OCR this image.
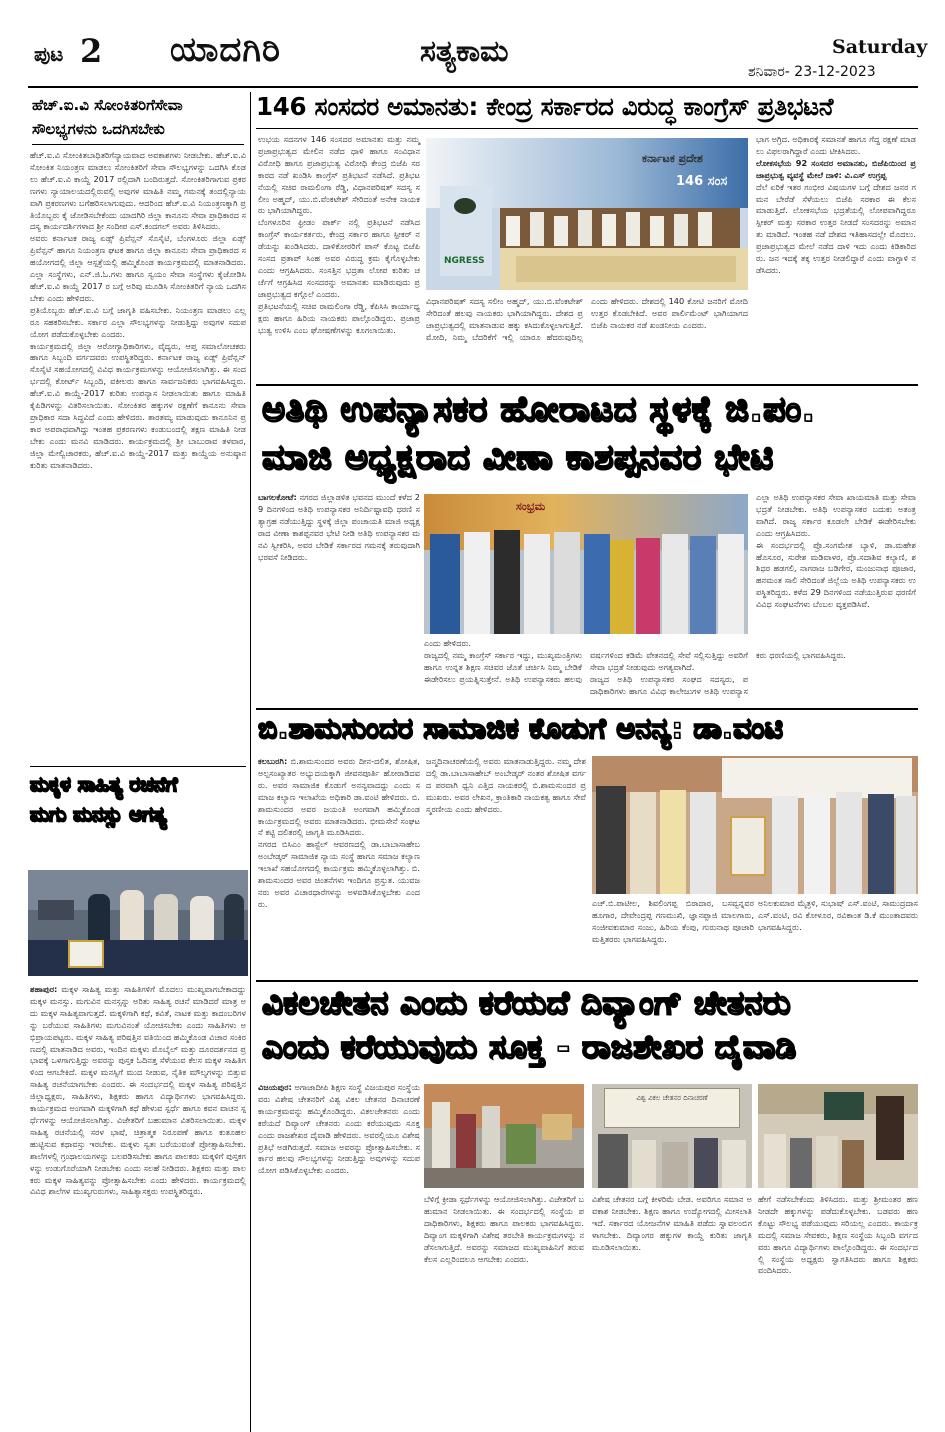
ಪುಟ 2 ಯಾದಗಿರಿ	ಸತ್ಯಕಾಮ	Saturday
ಶನಿವಾರ- 23-12-2023
ಹೆಚ್.ಐ.ವಿ ಸೋಂಕಿತರಿಗೆಸೇವಾ
ಸೌಲಭ್ಯಗಳನು ಒದಗಿಸಬೇಕು

ಹೆಚ್.ಐ.ವಿ ಸೋಂಕಿತಬಾಧಿತರಿಗೆನ್ಯಾಯವಾದ ಅವಕಾಶಗಳು ನೀಡಬೇಕು. ಹೆಚ್.ಐ.ವಿ ಸೋಂಕಿತ ನಿಯಂತ್ರಣ ಮಾಡಲು ಸೋಂಕಿತರಿಗೆ ಸೇವಾ ಸೌಲಭ್ಯಗಳನ್ನು ಒದಗಿಸಿ ಕೊಡಲು ಹೆಚ್.ಐ.ವಿ ಕಾಯ್ದೆ 2017 ರಲ್ಲಿದಾಗಿ ಬಂದಿರುತ್ತದೆ. ಸೋಂಕಿತರಿಗಾಗುವ ಪ್ರಕರಣಗಳು ನ್ಯಾಯಾಲಯದಲ್ಲಿರುವಲ್ಲಿ ಅವುಗಳ ಮಾಹಿತಿ ನಮ್ಮ ಗಮನಕ್ಕೆ ತಂದಲ್ಲಿನ್ಯಾಯವಾಗಿ ಪ್ರಕರಣಗಳು ಬಗೆಹರಿಸಲಾಗುವುದು. ಆದರಿಂದ ಹೆಚ್.ಐ.ವಿ ನಿಯಂತ್ರಣಕ್ಕಾಗಿ ಪ್ರತಿಯೊಬ್ಬರು ಕೈ ಜೋಡಿಸಬೇಕೆಂದು ಯಾದಗಿರಿ ಜಿಲ್ಲಾ ಕಾನೂನು ಸೇವಾ ಪ್ರಾಧಿಕಾರದ ಸದಸ್ಯ ಕಾರ್ಯದರ್ಶಿಗಳಾದ ಶ್ರೀ ಸಂದೀಪ ಎಸ್.ಕಂದಗಲ್ ಅವರು ತಿಳಿಸಿದರು.

ಅವರು ಕರ್ನಾಟಕ ರಾಜ್ಯ ಏಡ್ಸ್ ಪ್ರಿವೆನ್ಷನ್ ಸೊಸೈಟಿ, ಬೆಂಗಳೂರು ಜಿಲ್ಲಾ ಏಡ್ಸ್ ಪ್ರಿವೆನ್ಷನ್ ಹಾಗೂ ನಿಯಂತ್ರಣ ಘಟಕ ಹಾಗೂ ಜಿಲ್ಲಾ ಕಾನೂನು ಸೇವಾ ಪ್ರಾಧಿಕಾರದ ಸಹಯೋಗದಲ್ಲಿ ಜಿಲ್ಲಾ ಆಸ್ಪತ್ರೆಯಲ್ಲಿ ಹಮ್ಮಿಕೊಂಡ ಕಾರ್ಯಕ್ರಮದಲ್ಲಿ ಮಾತನಾಡಿದರು. ಎಲ್ಲಾ ಸಂಸ್ಥೆಗಳು, ಎನ್.ಜಿ.ಓ.ಗಳು ಹಾಗೂ ಸ್ವಯಂ ಸೇವಾ ಸಂಸ್ಥೆಗಳು ಕೈಜೋಡಿಸಿ ಹೆಚ್.ಐ.ವಿ ಕಾಯ್ದೆ 2017 ರ ಬಗ್ಗೆ ಅರಿವು ಮೂಡಿಸಿ ಸೋಂಕಿತರಿಗೆ ನ್ಯಾಯ ಒದಗಿಸಬೇಕು ಎಂದು ಹೇಳಿದರು.

ಪ್ರತಿಯೊಬ್ಬರು ಹೆಚ್.ಐ.ವಿ ಬಗ್ಗೆ ಜಾಗೃತಿ ವಹಿಸಬೇಕು. ನಿಯಂತ್ರಣ ಮಾಡಲು ಎಲ್ಲರೂ ಸಹಕರಿಸಬೇಕು. ಸರ್ಕಾರ ಎಲ್ಲಾ ಸೌಲಭ್ಯಗಳನ್ನು ನೀಡುತ್ತಿದ್ದು ಅವುಗಳ ಸದುಪಯೋಗ ಪಡೆದುಕೊಳ್ಳಬೇಕು ಎಂದರು.

ಕಾರ್ಯಕ್ರಮದಲ್ಲಿ ಜಿಲ್ಲಾ ಆರೋಗ್ಯಾಧಿಕಾರಿಗಳು, ವೈದ್ಯರು, ಆಪ್ತ ಸಮಾಲೋಚಕರು ಹಾಗೂ ಸಿಬ್ಬಂದಿ ವರ್ಗದವರು ಉಪಸ್ಥಿತರಿದ್ದರು. ಕರ್ನಾಟಕ ರಾಜ್ಯ ಏಡ್ಸ್ ಪ್ರಿವೆನ್ಷನ್ ಸೊಸೈಟಿ ಸಹಯೋಗದಲ್ಲಿ ವಿವಿಧ ಕಾರ್ಯಕ್ರಮಗಳನ್ನು ಆಯೋಜಿಸಲಾಗಿತ್ತು. ಈ ಸಂದರ್ಭದಲ್ಲಿ ಕೋರ್ಟ್ ಸಿಬ್ಬಂದಿ, ವಕೀಲರು ಹಾಗೂ ಸಾರ್ವಜನಿಕರು ಭಾಗವಹಿಸಿದ್ದರು. ಹೆಚ್.ಐ.ವಿ ಕಾಯ್ದೆ-2017 ಕುರಿತು ಉಪನ್ಯಾಸ ನೀಡಲಾಯಿತು ಹಾಗೂ ಮಾಹಿತಿ ಕೈಪಿಡಿಗಳನ್ನು ವಿತರಿಸಲಾಯಿತು. ಸೋಂಕಿತರ ಹಕ್ಕುಗಳ ರಕ್ಷಣೆಗೆ ಕಾನೂನು ಸೇವಾ ಪ್ರಾಧಿಕಾರ ಸದಾ ಸಿದ್ಧವಿದೆ ಎಂದು ಹೇಳಿದರು. ತಾರತಮ್ಯ ಮಾಡುವುದು ಕಾನೂನಿನ ಪ್ರಕಾರ ಅಪರಾಧವಾಗಿದ್ದು ಇಂತಹ ಪ್ರಕರಣಗಳು ಕಂಡುಬಂದಲ್ಲಿ ತಕ್ಷಣ ಮಾಹಿತಿ ನೀಡಬೇಕು ಎಂದು ಮನವಿ ಮಾಡಿದರು. ಕಾರ್ಯಕ್ರಮದಲ್ಲಿ ಶ್ರೀ ಬಾಬುರಾವ ತಳವಾರ, ಜಿಲ್ಲಾ ಮೇಲ್ವಿಚಾರಕರು, ಹೆಚ್.ಐ.ವಿ ಕಾಯ್ದೆ-2017 ಮತ್ತು ಕಾಯ್ದೆಯ ಅನುಷ್ಠಾನ ಕುರಿತು ಮಾತನಾಡಿದರು.

ಮಕ್ಕಳ ಸಾಹಿತ್ಯ ರಚನೆಗೆ
ಮಗು ಮನಸ್ಸು ಅಗತ್ಯ
ಶಹಾಪುರ: ಮಕ್ಕಳ ಸಾಹಿತ್ಯ ಮತ್ತು ಸಾಹಿತಿಗಳಿಗೆ ಮೊದಲು ಮುಖ್ಯವಾಗಬೇಕಾದದ್ದು ಮಕ್ಕಳ ಮನಸ್ಸು. ಮಗುವಿನ ಮನಸ್ಸನ್ನು ಅರಿತು ಸಾಹಿತ್ಯ ರಚನೆ ಮಾಡಿದರೆ ಮಾತ್ರ ಅದು ಮಕ್ಕಳ ಸಾಹಿತ್ಯವಾಗುತ್ತದೆ. ಮಕ್ಕಳಿಗಾಗಿ ಕಥೆ, ಕವಿತೆ, ನಾಟಕ ಮತ್ತು ಕಾದಂಬರಿಗಳನ್ನು ಬರೆಯುವ ಸಾಹಿತಿಗಳು ಮಗುವಿನಂತೆ ಯೋಚಿಸಬೇಕು ಎಂದು ಸಾಹಿತಿಗಳು ಅಭಿಪ್ರಾಯಪಟ್ಟರು. ಮಕ್ಕಳ ಸಾಹಿತ್ಯ ಪರಿಷತ್ತಿನ ವತಿಯಿಂದ ಹಮ್ಮಿಕೊಂಡ ವಿಚಾರ ಸಂಕಿರಣದಲ್ಲಿ ಮಾತನಾಡಿದ ಅವರು, ಇಂದಿನ ಮಕ್ಕಳು ಮೊಬೈಲ್ ಮತ್ತು ದೂರದರ್ಶನದ ಪ್ರಭಾವಕ್ಕೆ ಒಳಗಾಗುತ್ತಿದ್ದು ಅವರನ್ನು ಪುಸ್ತಕ ಓದಿನತ್ತ ಸೆಳೆಯುವ ಕೆಲಸ ಮಕ್ಕಳ ಸಾಹಿತಿಗಳಿಂದ ಆಗಬೇಕಿದೆ. ಮಕ್ಕಳ ಮನಸ್ಸಿಗೆ ಮುದ ನೀಡುವ, ನೈತಿಕ ಮೌಲ್ಯಗಳನ್ನು ಬಿತ್ತುವ ಸಾಹಿತ್ಯ ರಚನೆಯಾಗಬೇಕು ಎಂದರು. ಈ ಸಂದರ್ಭದಲ್ಲಿ ಮಕ್ಕಳ ಸಾಹಿತ್ಯ ಪರಿಷತ್ತಿನ ಜಿಲ್ಲಾಧ್ಯಕ್ಷರು, ಸಾಹಿತಿಗಳು, ಶಿಕ್ಷಕರು ಹಾಗೂ ವಿದ್ಯಾರ್ಥಿಗಳು ಭಾಗವಹಿಸಿದ್ದರು. ಕಾರ್ಯಕ್ರಮದ ಅಂಗವಾಗಿ ಮಕ್ಕಳಿಗಾಗಿ ಕಥೆ ಹೇಳುವ ಸ್ಪರ್ಧೆ ಹಾಗೂ ಕವನ ವಾಚನ ಸ್ಪರ್ಧೆಗಳನ್ನು ಆಯೋಜಿಸಲಾಗಿತ್ತು. ವಿಜೇತರಿಗೆ ಬಹುಮಾನ ವಿತರಿಸಲಾಯಿತು. ಮಕ್ಕಳ ಸಾಹಿತ್ಯ ರಚನೆಯಲ್ಲಿ ಸರಳ ಭಾಷೆ, ಚಿತ್ರಾತ್ಮಕ ನಿರೂಪಣೆ ಹಾಗೂ ಕುತೂಹಲ ಹುಟ್ಟಿಸುವ ಕಥಾವಸ್ತು ಇರಬೇಕು. ಮಕ್ಕಳು ಸ್ವತಃ ಬರೆಯುವಂತೆ ಪ್ರೋತ್ಸಾಹಿಸಬೇಕು. ಶಾಲೆಗಳಲ್ಲಿ ಗ್ರಂಥಾಲಯಗಳನ್ನು ಬಲಪಡಿಸಬೇಕು ಹಾಗೂ ಪಾಲಕರು ಮಕ್ಕಳಿಗೆ ಪುಸ್ತಕಗಳನ್ನು ಉಡುಗೊರೆಯಾಗಿ ನೀಡಬೇಕು ಎಂದು ಸಲಹೆ ನೀಡಿದರು. ಶಿಕ್ಷಕರು ಮತ್ತು ಪಾಲಕರು ಮಕ್ಕಳ ಸಾಹಿತ್ಯವನ್ನು ಪ್ರೋತ್ಸಾಹಿಸಬೇಕು ಎಂದು ಹೇಳಿದರು. ಕಾರ್ಯಕ್ರಮದಲ್ಲಿ ವಿವಿಧ ಶಾಲೆಗಳ ಮುಖ್ಯಗುರುಗಳು, ಸಾಹಿತ್ಯಾಸಕ್ತರು ಉಪಸ್ಥಿತರಿದ್ದರು.
146 ಸಂಸದರ ಅಮಾನತು: ಕೇಂದ್ರ ಸರ್ಕಾರದ ವಿರುದ್ಧ ಕಾಂಗ್ರೆಸ್ ಪ್ರತಿಭಟನೆ

ಉಭಯ ಸದನಗಳ 146 ಸಂಸದರ ಅಮಾನತು ಮತ್ತು ನಮ್ಮ ಪ್ರಜಾಪ್ರಭುತ್ವದ ಮೇಲಿನ ನಡೆದ ಧಾಳಿ ಹಾಗೂ ಸಂವಿಧಾನ ವಿರೋಧಿ ಹಾಗೂ ಪ್ರಜಾಪ್ರಭುತ್ವ ವಿರೋಧಿ ಕೇಂದ್ರ ಬಿಜೆಪಿ ಸರಕಾರದ ನಡೆ ಖಂಡಿಸಿ ಕಾಂಗ್ರೆಸ್ ಪ್ರತಿಭಟನೆ ನಡೆಸಿದೆ. ಪ್ರತಿಭಟನೆಯಲ್ಲಿ ಸಚಿವ ರಾಮಲಿಂಗಾ ರೆಡ್ಡಿ, ವಿಧಾನಪರಿಷತ್ ಸದಸ್ಯ ಸಲೀಂ ಅಹ್ಮದ್, ಯು.ಬಿ.ವೆಂಕಟೇಶ್ ಸೇರಿದಂತೆ ಅನೇಕ ನಾಯಕರು ಭಾಗಿಯಾಗಿದ್ದರು.

ಬೆಂಗಳೂರಿನ ಫ್ರೀಡಂ ಪಾರ್ಕ್ ನಲ್ಲಿ ಪ್ರತಿಭಟನೆ ನಡೆಸಿದ ಕಾಂಗ್ರೆಸ್ ಕಾರ್ಯಕರ್ತರು, ಕೇಂದ್ರ ಸರ್ಕಾರ ಹಾಗೂ ಸ್ಪೀಕರ್ ನಡೆಯನ್ನು ಖಂಡಿಸಿದರು. ದಾಳಿಕೋರರಿಗೆ ಪಾಸ್ ಕೊಟ್ಟ ಬಿಜೆಪಿ ಸಂಸದ ಪ್ರತಾಪ್ ಸಿಂಹ ಅವರ ವಿರುದ್ಧ ಕ್ರಮ ಕೈಗೊಳ್ಳಬೇಕು ಎಂದು ಆಗ್ರಹಿಸಿದರು. ಸಂಸತ್ತಿನ ಭದ್ರತಾ ಲೋಪ ಕುರಿತು ಚರ್ಚೆಗೆ ಆಗ್ರಹಿಸಿದ ಸಂಸದರನ್ನು ಅಮಾನತು ಮಾಡಿರುವುದು ಪ್ರಜಾಪ್ರಭುತ್ವದ ಕಗ್ಗೊಲೆ ಎಂದರು.

ಪ್ರತಿಭಟನೆಯಲ್ಲಿ ಸಚಿವ ರಾಮಲಿಂಗಾ ರೆಡ್ಡಿ, ಕೆಪಿಸಿಸಿ ಕಾರ್ಯಾಧ್ಯಕ್ಷರು ಹಾಗೂ ಹಿರಿಯ ನಾಯಕರು ಪಾಲ್ಗೊಂಡಿದ್ದರು. ಪ್ರಜಾಪ್ರಭುತ್ವ ಉಳಿಸಿ ಎಂಬ ಘೋಷಣೆಗಳನ್ನು ಕೂಗಲಾಯಿತು.

ಕರ್ನಾಟಕ ಪ್ರದೇಶ
146 ಸಂಸ
NGRESS

ವಿಧಾನಪರಿಷತ್ ಸದಸ್ಯ ಸಲೀಂ ಅಹ್ಮದ್, ಯು.ಬಿ.ವೆಂಕಟೇಶ್ ಸೇರಿದಂತೆ ಹಲವು ನಾಯಕರು ಭಾಗಿಯಾಗಿದ್ದರು. ದೇಶದ ಪ್ರಜಾಪ್ರಭುತ್ವದಲ್ಲಿ ಮಾತನಾಡುವ ಹಕ್ಕು ಕಸಿದುಕೊಳ್ಳಲಾಗುತ್ತಿದೆ. ಮೋದಿ, ನಿಮ್ಮ ಬೆದರಿಕೆಗೆ ಇಲ್ಲಿ ಯಾರೂ ಹೆದರುವುದಿಲ್ಲ ಎಂದು ಹೇಳಿದರು. ದೇಶದಲ್ಲಿ 140 ಕೋಟಿ ಜನರಿಗೆ ಮೋದಿ ಉತ್ತರ ಕೊಡಬೇಕಿದೆ. ಅವರ ಪಾರ್ಲಿಮೆಂಟ್ ಭಾಗಿಯಾಗದ ಬಿಜೆಪಿ ನಾಯಕರ ನಡೆ ಖಂಡನೀಯ ಎಂದರು.

ಭಾಗ ಅಗ್ರಿದ. ಅಧಿಕಾರಕ್ಕೆ ಸಮಾನತೆ ಹಾಗೂ ಗೆದ್ದ ರಕ್ಷಣೆ ಮಾಡಲು ವಿಫಲರಾಗಿದ್ದಾರೆ ಎಂದು ಟೀಕಿಸಿದರು.

ಲೋಕಸಭೆಯ 92 ಸಂಸದರ ಅಮಾನತು, ಬಿಜೆಪಿಯಿಂದ ಪ್ರಜಾಪ್ರಭುತ್ವ ವ್ಯವಸ್ಥೆ ಮೇಲೆ ದಾಳಿ: ವಿ.ಎಸ್ ಉಗ್ರಪ್ಪ

ದೆಲೆ ಏರಿಕೆ ಇತರ ಗಂಭೀರ ವಿಷಯಗಳ ಬಗ್ಗೆ ದೇಶದ ಜನರ ಗಮನ ಬೇರೆಡೆ ಸೆಳೆಯಲು ಬಿಜೆಪಿ ಸರಕಾರ ಈ ಕೆಲಸ ಮಾಡುತ್ತಿದೆ. ಲೋಕಸಭೆಯ ಭದ್ರತೆಯಲ್ಲಿ ಲೋಪವಾಗಿದ್ದರೂ ಸ್ಪೀಕರ್ ಮತ್ತು ಸರಕಾರ ಉತ್ತರ ನೀಡದೆ ಸಂಸದರನ್ನು ಅಮಾನತು ಮಾಡಿದೆ. ಇಂತಹ ನಡೆ ದೇಶದ ಇತಿಹಾಸದಲ್ಲೇ ಮೊದಲು. ಪ್ರಜಾಪ್ರಭುತ್ವದ ಮೇಲೆ ನಡೆದ ದಾಳಿ ಇದು ಎಂದು ಕಿಡಿಕಾರಿದರು. ಜನ ಇದಕ್ಕೆ ತಕ್ಕ ಉತ್ತರ ನೀಡಲಿದ್ದಾರೆ ಎಂದು ವಾಗ್ದಾಳಿ ನಡೆಸಿದರು.

ಅತಿಥಿ ಉಪನ್ಯಾಸಕರ ಹೋರಾಟದ ಸ್ಥಳಕ್ಕೆ ಜಿ.ಪಂ.
ಮಾಜಿ ಅಧ್ಯಕ್ಷರಾದ ವೀಣಾ ಕಾಶಪ್ಪನವರ ಭೇಟಿ
ಬಾಗಲಕೋಟೆ: ನಗರದ ಜಿಲ್ಲಾಡಳಿತ ಭವನದ ಮುಂದೆ ಕಳೆದ 29 ದಿನಗಳಿಂದ ಅತಿಥಿ ಉಪನ್ಯಾಸಕರ ಅನಿರ್ದಿಷ್ಟಾವಧಿ ಧರಣಿ ಸತ್ಯಾಗ್ರಹ ನಡೆಯುತ್ತಿದ್ದು ಸ್ಥಳಕ್ಕೆ ಜಿಲ್ಲಾ ಪಂಚಾಯತಿ ಮಾಜಿ ಅಧ್ಯಕ್ಷರಾದ ವೀಣಾ ಕಾಶಪ್ಪನವರ ಭೇಟಿ ನೀಡಿ ಅತಿಥಿ ಉಪನ್ಯಾಸಕರ ಮನವಿ ಸ್ವೀಕರಿಸಿ, ಅವರ ಬೇಡಿಕೆ ಸರ್ಕಾರದ ಗಮನಕ್ಕೆ ತರುವುದಾಗಿ ಭರವಸೆ ನೀಡಿದರು.
ಸಂಭ್ರಮ
ಎಂದು ಹೇಳಿದರು.

ರಾಜ್ಯದಲ್ಲಿ ನಮ್ಮ ಕಾಂಗ್ರೆಸ್ ಸರ್ಕಾರ ಇದ್ದು, ಮುಖ್ಯಮಂತ್ರಿಗಳು ಹಾಗೂ ಉನ್ನತ ಶಿಕ್ಷಣ ಸಚಿವರ ಜೊತೆ ಚರ್ಚಿಸಿ ನಿಮ್ಮ ಬೇಡಿಕೆ ಈಡೇರಿಸಲು ಪ್ರಯತ್ನಿಸುತ್ತೇನೆ. ಅತಿಥಿ ಉಪನ್ಯಾಸಕರು ಹಲವು ವರ್ಷಗಳಿಂದ ಕಡಿಮೆ ವೇತನದಲ್ಲಿ ಸೇವೆ ಸಲ್ಲಿಸುತ್ತಿದ್ದು ಅವರಿಗೆ ಸೇವಾ ಭದ್ರತೆ ನೀಡುವುದು ಅಗತ್ಯವಾಗಿದೆ.

ರಾಜ್ಯದ ಅತಿಥಿ ಉಪನ್ಯಾಸಕರ ಸಂಘದ ಸದಸ್ಯರು, ಪದಾಧಿಕಾರಿಗಳು ಹಾಗೂ ವಿವಿಧ ಕಾಲೇಜುಗಳ ಅತಿಥಿ ಉಪನ್ಯಾಸಕರು ಧರಣಿಯಲ್ಲಿ ಭಾಗವಹಿಸಿದ್ದರು.

ಎಲ್ಲಾ ಅತಿಥಿ ಉಪನ್ಯಾಸಕರ ಸೇವಾ ಖಾಯಮಾತಿ ಮತ್ತು ಸೇವಾ ಭದ್ರತೆ ನೀಡಬೇಕು. ಅತಿಥಿ ಉಪನ್ಯಾಸಕರ ಬದುಕು ಅತಂತ್ರವಾಗಿದೆ. ರಾಜ್ಯ ಸರ್ಕಾರ ಕೂಡಲೇ ಬೇಡಿಕೆ ಈಡೇರಿಸಬೇಕು ಎಂದು ಆಗ್ರಹಿಸಿದರು.

ಈ ಸಂದರ್ಭದಲ್ಲಿ ಪ್ರೊ.ಸಂಗಮೇಶ ಬ್ಯಾಳಿ, ಡಾ.ಮಹೇಶ ಹೊಸೂರ, ಸುರೇಶ ಮಡಿವಾಳರ, ಪ್ರೊ.ಸದಾಶಿವ ಕಲ್ಯಾಣಿ, ಶಶಿಧರ ಹಡಗಲಿ, ನಾಗರಾಜ ಬಡಿಗೇರ, ಮಂಜುನಾಥ ಪೂಜಾರ, ಹನಮಂತ ಸಾಲಿ ಸೇರಿದಂತೆ ಜಿಲ್ಲೆಯ ಅತಿಥಿ ಉಪನ್ಯಾಸಕರು ಉಪಸ್ಥಿತರಿದ್ದರು. ಕಳೆದ 29 ದಿನಗಳಿಂದ ನಡೆಯುತ್ತಿರುವ ಧರಣಿಗೆ ವಿವಿಧ ಸಂಘಟನೆಗಳು ಬೆಂಬಲ ವ್ಯಕ್ತಪಡಿಸಿವೆ.

ಬಿ.ಶಾಮಸುಂದರ ಸಾಮಾಜಿಕ ಕೊಡುಗೆ ಅನನ್ಯ: ಡಾ.ವಂಟಿ
ಕಲಬುರಗಿ: ಬಿ.ಶಾಮಸುಂದರ ಅವರು ದೀನ-ದಲಿತ, ಶೋಷಿತ, ಅಲ್ಪಸಂಖ್ಯಾತರ ಅಭ್ಯುದಯಕ್ಕಾಗಿ ಜೀವನಪೂರ್ತಿ ಹೋರಾಡಿದವರು. ಅವರ ಸಾಮಾಜಿಕ ಕೊಡುಗೆ ಅನನ್ಯವಾದದ್ದು ಎಂದು ಸಮಾಜ ಕಲ್ಯಾಣ ಇಲಾಖೆಯ ಅಧಿಕಾರಿ ಡಾ.ವಂಟಿ ಹೇಳಿದರು. ಬಿ.ಶಾಮಸುಂದರ ಅವರ ಜಯಂತಿ ಅಂಗವಾಗಿ ಹಮ್ಮಿಕೊಂಡ ಕಾರ್ಯಕ್ರಮದಲ್ಲಿ ಅವರು ಮಾತನಾಡಿದರು. ಭೀಮಸೇನೆ ಸಂಘಟನೆ ಕಟ್ಟಿ ದಲಿತರಲ್ಲಿ ಜಾಗೃತಿ ಮೂಡಿಸಿದರು.

ನಗರದ ಬಿಸಿಎಂ ಹಾಸ್ಟೆಲ್ ಆವರಣದಲ್ಲಿ ಡಾ.ಬಾಬಾಸಾಹೇಬ ಅಂಬೇಡ್ಕರ್ ಸಾಮಾಜಿಕ ನ್ಯಾಯ ಸಂಸ್ಥೆ ಹಾಗೂ ಸಮಾಜ ಕಲ್ಯಾಣ ಇಲಾಖೆ ಸಹಯೋಗದಲ್ಲಿ ಕಾರ್ಯಕ್ರಮ ಹಮ್ಮಿಕೊಳ್ಳಲಾಗಿತ್ತು. ಬಿ.ಶಾಮಸುಂದರ ಅವರ ಚಿಂತನೆಗಳು ಇಂದಿಗೂ ಪ್ರಸ್ತುತ. ಯುವಜನರು ಅವರ ವಿಚಾರಧಾರೆಗಳನ್ನು ಅಳವಡಿಸಿಕೊಳ್ಳಬೇಕು ಎಂದರು.

ಜನ್ಮದಿನಾಚರಣೆಯಲ್ಲಿ ಅವರು ಮಾತನಾಡುತ್ತಿದ್ದರು. ನಮ್ಮ ದೇಶದಲ್ಲಿ ಡಾ.ಬಾಬಾಸಾಹೇಬ್ ಅಂಬೇಡ್ಕರ್ ನಂತರ ಶೋಷಿತ ವರ್ಗದ ಪರವಾಗಿ ಧ್ವನಿ ಎತ್ತಿದ ನಾಯಕರಲ್ಲಿ ಬಿ.ಶಾಮಸುಂದರ ಪ್ರಮುಖರು. ಅವರ ಲೇಖನ, ಕ್ರಾಂತಿಕಾರಿ ನಾಯಕತ್ವ ಹಾಗೂ ಸೇವೆ ಸ್ಮರಣೀಯ ಎಂದು ಹೇಳಿದರು.

ಎಚ್.ಬಿ.ಪಾಟೀಲ, ಶಿವಲಿಂಗಪ್ಪ ಬಿರಾದಾರ, ಬಸವ್ವನ್ನವರ ಹೂಗಾರ, ದೇವೇಂದ್ರಪ್ಪ ಗಣಮುಖಿ, ಜ್ಞಾನಪ್ಪಾಜಿ ಮಾಲಗಾರು, ಸಂಜೀವಕುಮಾರ ಸಂಜು, ಹಿರಿಯ ಕೆಂಪು, ಗುರುನಾಥ ಪೂಜಾರಿ ಮತ್ತಿತರರು ಭಾಗವಹಿಸಿದ್ದರು.

ಅನಿಲಕುಮಾರ ಮೈತ್ರಳಿ, ಸುಭಾಷ್ ಎಸ್.ವಂಟಿ, ಸಾಮುದ್ರದಾಸ ಎಸ್.ವಂಟಿ, ರವಿ ಕೋಳೂರ, ರವಿಕಾಂತ ಡಿ.ಕೆ ಮುಂತಾದವರು ಭಾಗವಹಿಸಿದ್ದರು.

ವಿಕಲಚೇತನ ಎಂದು ಕರೆಯದೆ ದಿವ್ಯಾಂಗ್ ಚೇತನರು
ಎಂದು ಕರೆಯುವುದು ಸೂಕ್ತ - ರಾಜಶೇಖರ ದೈವಾಡಿ
ವಿಜಯಪುರ: ಅಗಾಜಾದೀಪಿ ಶಿಕ್ಷಣ ಸಂಸ್ಥೆ ವಿಜಯಪುರ ಸಂಸ್ಥೆಯವರು ವಿಶೇಷ ಚೇತನರಿಗೆ ವಿಶ್ವ ವಿಕಲ ಚೇತನರ ದಿನಾಚರಣೆ ಕಾರ್ಯಕ್ರಮವನ್ನು ಹಮ್ಮಿಕೊಂಡಿದ್ದರು. ವಿಕಲಚೇತನರು ಎಂದು ಕರೆಯದೆ ದಿವ್ಯಾಂಗ್ ಚೇತನರು ಎಂದು ಕರೆಯುವುದು ಸೂಕ್ತ ಎಂದು ರಾಜಶೇಖರ ದೈವಾಡಿ ಹೇಳಿದರು. ಅವರಲ್ಲಿಯೂ ವಿಶೇಷ ಪ್ರತಿಭೆ ಅಡಗಿರುತ್ತದೆ. ಸಮಾಜ ಅವರನ್ನು ಪ್ರೋತ್ಸಾಹಿಸಬೇಕು. ಸರ್ಕಾರ ಹಲವು ಸೌಲಭ್ಯಗಳನ್ನು ನೀಡುತ್ತಿದ್ದು ಅವುಗಳನ್ನು ಸದುಪಯೋಗ ಪಡಿಸಿಕೊಳ್ಳಬೇಕು ಎಂದರು.
ವಿಶ್ವ ವಿಕಲ ಚೇತನರ ದಿನಾಚರಣೆ

ಬೆಳಿಗ್ಗೆ ಕ್ರೀಡಾ ಸ್ಪರ್ಧೆಗಳನ್ನು ಆಯೋಜಿಸಲಾಗಿತ್ತು. ವಿಜೇತರಿಗೆ ಬಹುಮಾನ ನೀಡಲಾಯಿತು. ಈ ಸಂದರ್ಭದಲ್ಲಿ ಸಂಸ್ಥೆಯ ಪದಾಧಿಕಾರಿಗಳು, ಶಿಕ್ಷಕರು ಹಾಗೂ ಪಾಲಕರು ಭಾಗವಹಿಸಿದ್ದರು. ದಿವ್ಯಾಂಗ ಮಕ್ಕಳಿಗಾಗಿ ವಿಶೇಷ ತರಬೇತಿ ಕಾರ್ಯಕ್ರಮಗಳನ್ನು ನಡೆಸಲಾಗುತ್ತಿದೆ. ಅವರನ್ನು ಸಮಾಜದ ಮುಖ್ಯವಾಹಿನಿಗೆ ತರುವ ಕೆಲಸ ಎಲ್ಲರಿಂದಲೂ ಆಗಬೇಕು ಎಂದರು.

ವಿಶೇಷ ಚೇತನರ ಬಗ್ಗೆ ಕೀಳರಿಮೆ ಬೇಡ. ಅವರಿಗೂ ಸಮಾನ ಅವಕಾಶ ನೀಡಬೇಕು. ಶಿಕ್ಷಣ ಹಾಗೂ ಉದ್ಯೋಗದಲ್ಲಿ ಮೀಸಲಾತಿ ಇದೆ. ಸರ್ಕಾರದ ಯೋಜನೆಗಳ ಮಾಹಿತಿ ಪಡೆದು ಸ್ವಾವಲಂಬಿಗಳಾಗಬೇಕು. ದಿವ್ಯಾಂಗರ ಹಕ್ಕುಗಳ ಕಾಯ್ದೆ ಕುರಿತು ಜಾಗೃತಿ ಮೂಡಿಸಲಾಯಿತು.

ಹೇಗೆ ನಡೆಸಬೇಕೆಂದು ತಿಳಿಸಿದರು. ಮತ್ತು ಶ್ರೀಮಂತರ ಹಣ ನೀಡದೇ ಹಕ್ಕುಗಳನ್ನು ಪಡೆದುಕೊಳ್ಳಬೇಕು. ಬಡವರು ಹಣ ಕೊಟ್ಟು ಸೌಲಭ್ಯ ಪಡೆಯುವುದು ಸರಿಯಲ್ಲ ಎಂದರು. ಕಾರ್ಯಕ್ರಮದಲ್ಲಿ ಸಮಾಜ ಸೇವಕರು, ಶಿಕ್ಷಣ ಸಂಸ್ಥೆಯ ಸಿಬ್ಬಂದಿ ವರ್ಗದವರು ಹಾಗೂ ವಿದ್ಯಾರ್ಥಿಗಳು ಪಾಲ್ಗೊಂಡಿದ್ದರು. ಈ ಸಂದರ್ಭದಲ್ಲಿ ಸಂಸ್ಥೆಯ ಅಧ್ಯಕ್ಷರು ಸ್ವಾಗತಿಸಿದರು ಹಾಗೂ ಶಿಕ್ಷಕರು ವಂದಿಸಿದರು.
